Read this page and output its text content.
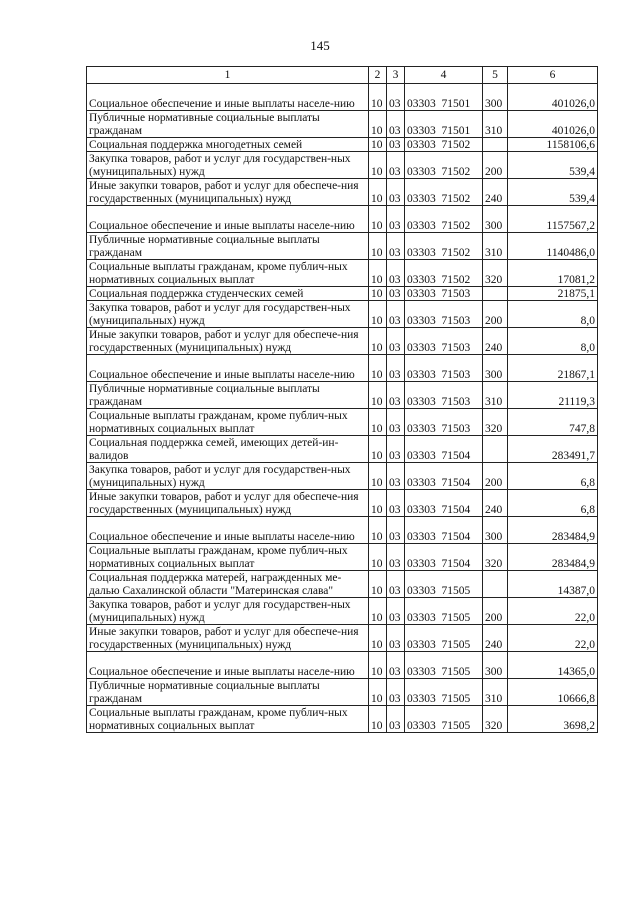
145
1	2	3	4	5	6
Социальное обеспечение и иные выплаты населе-нию	10	03	03303  71501	300	401026,0
Публичные нормативные социальные выплаты гражданам	10	03	03303  71501	310	401026,0
Социальная поддержка многодетных семей	10	03	03303  71502		1158106,6
Закупка товаров, работ и услуг для государствен-ных (муниципальных) нужд	10	03	03303  71502	200	539,4
Иные закупки товаров, работ и услуг для обеспече-ния государственных (муниципальных) нужд	10	03	03303  71502	240	539,4
Социальное обеспечение и иные выплаты населе-нию	10	03	03303  71502	300	1157567,2
Публичные нормативные социальные выплаты гражданам	10	03	03303  71502	310	1140486,0
Социальные выплаты гражданам, кроме публич-ных нормативных социальных выплат	10	03	03303  71502	320	17081,2
Социальная поддержка студенческих семей	10	03	03303  71503		21875,1
Закупка товаров, работ и услуг для государствен-ных (муниципальных) нужд	10	03	03303  71503	200	8,0
Иные закупки товаров, работ и услуг для обеспече-ния государственных (муниципальных) нужд	10	03	03303  71503	240	8,0
Социальное обеспечение и иные выплаты населе-нию	10	03	03303  71503	300	21867,1
Публичные нормативные социальные выплаты гражданам	10	03	03303  71503	310	21119,3
Социальные выплаты гражданам, кроме публич-ных нормативных социальных выплат	10	03	03303  71503	320	747,8
Социальная поддержка семей, имеющих детей-ин-валидов	10	03	03303  71504		283491,7
Закупка товаров, работ и услуг для государствен-ных (муниципальных) нужд	10	03	03303  71504	200	6,8
Иные закупки товаров, работ и услуг для обеспече-ния государственных (муниципальных) нужд	10	03	03303  71504	240	6,8
Социальное обеспечение и иные выплаты населе-нию	10	03	03303  71504	300	283484,9
Социальные выплаты гражданам, кроме публич-ных нормативных социальных выплат	10	03	03303  71504	320	283484,9
Социальная поддержка матерей, награжденных ме-далью Сахалинской области "Материнская слава"	10	03	03303  71505		14387,0
Закупка товаров, работ и услуг для государствен-ных (муниципальных) нужд	10	03	03303  71505	200	22,0
Иные закупки товаров, работ и услуг для обеспече-ния государственных (муниципальных) нужд	10	03	03303  71505	240	22,0
Социальное обеспечение и иные выплаты населе-нию	10	03	03303  71505	300	14365,0
Публичные нормативные социальные выплаты гражданам	10	03	03303  71505	310	10666,8
Социальные выплаты гражданам, кроме публич-ных нормативных социальных выплат	10	03	03303  71505	320	3698,2
